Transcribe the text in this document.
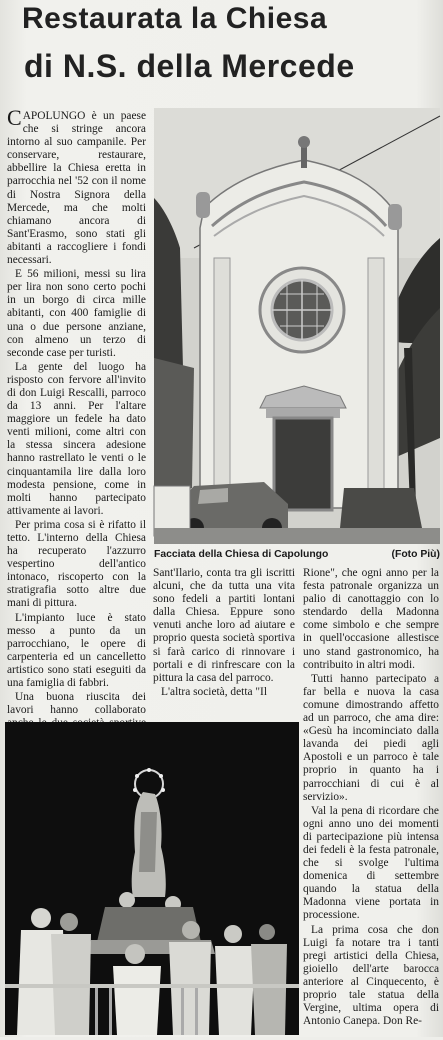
Restaurata la Chiesa
di N.S. della Mercede

CAPOLUNGO è un paese che si stringe ancora intorno al suo campanile. Per conservare, restaurare, abbellire la Chiesa eretta in parrocchia nel '52 con il nome di Nostra Signora della Mercede, ma che molti chiamano ancora di Sant'Erasmo, sono stati gli abitanti a raccogliere i fondi necessari.

E 56 milioni, messi su lira per lira non sono certo pochi in un borgo di circa mille abitanti, con 400 famiglie di una o due persone anziane, con almeno un terzo di seconde case per turisti.

La gente del luogo ha risposto con fervore all'invito di don Luigi Rescalli, parroco da 13 anni. Per l'altare maggiore un fedele ha dato venti milioni, come altri con la stessa sincera adesione hanno rastrellato le venti o le cinquantamila lire dalla loro modesta pensione, come in molti hanno partecipato attivamente ai lavori.

Per prima cosa si è rifatto il tetto. L'interno della Chiesa ha recuperato l'azzurro vespertino dell'antico intonaco, riscoperto con la stratigrafia sotto altre due mani di pittura.

L'impianto luce è stato messo a punto da un parrocchiano, le opere di carpenteria ed un cancelletto artistico sono stati eseguiti da una famiglia di fabbri.

Una buona riuscita dei lavori hanno collaborato

Facciata della Chiesa di Capolungo	(Foto Più)

Sant'Ilario, conta tra gli iscritti alcuni, che da tutta una vita sono fedeli a partiti lontani dalla Chiesa. Eppure sono venuti anche loro ad aiutare e proprio questa società sportiva si farà carico di rinnovare i portali e di rinfrescare con la pittura la casa del parroco.

L'altra società, detta "Il

Rione", che ogni anno per la festa patronale organizza un palio di canottaggio con lo stendardo della Madonna come simbolo e che sempre in quell'occasione allestisce uno stand gastronomico, ha contribuito in altri modi.

Tutti hanno partecipato a far bella e nuova la casa comune dimostrando affetto ad un parroco, che ama dire: «Gesù ha incominciato dalla lavanda dei piedi agli Apostoli e un parroco è tale proprio in quanto ha i parrocchiani di cui è al servizio».

Val la pena di ricordare che ogni anno uno dei momenti di partecipazione più intensa dei fedeli è la festa patronale, che si svolge l'ultima domenica di settembre quando la statua della Madonna viene portata in processione.

La prima cosa che don Luigi fa notare tra i tanti pregi artistici della Chiesa, gioiello dell'arte barocca anteriore al Cinquecento, è proprio tale statua della Vergine, ultima opera di Antonio Canepa. Don Re-
